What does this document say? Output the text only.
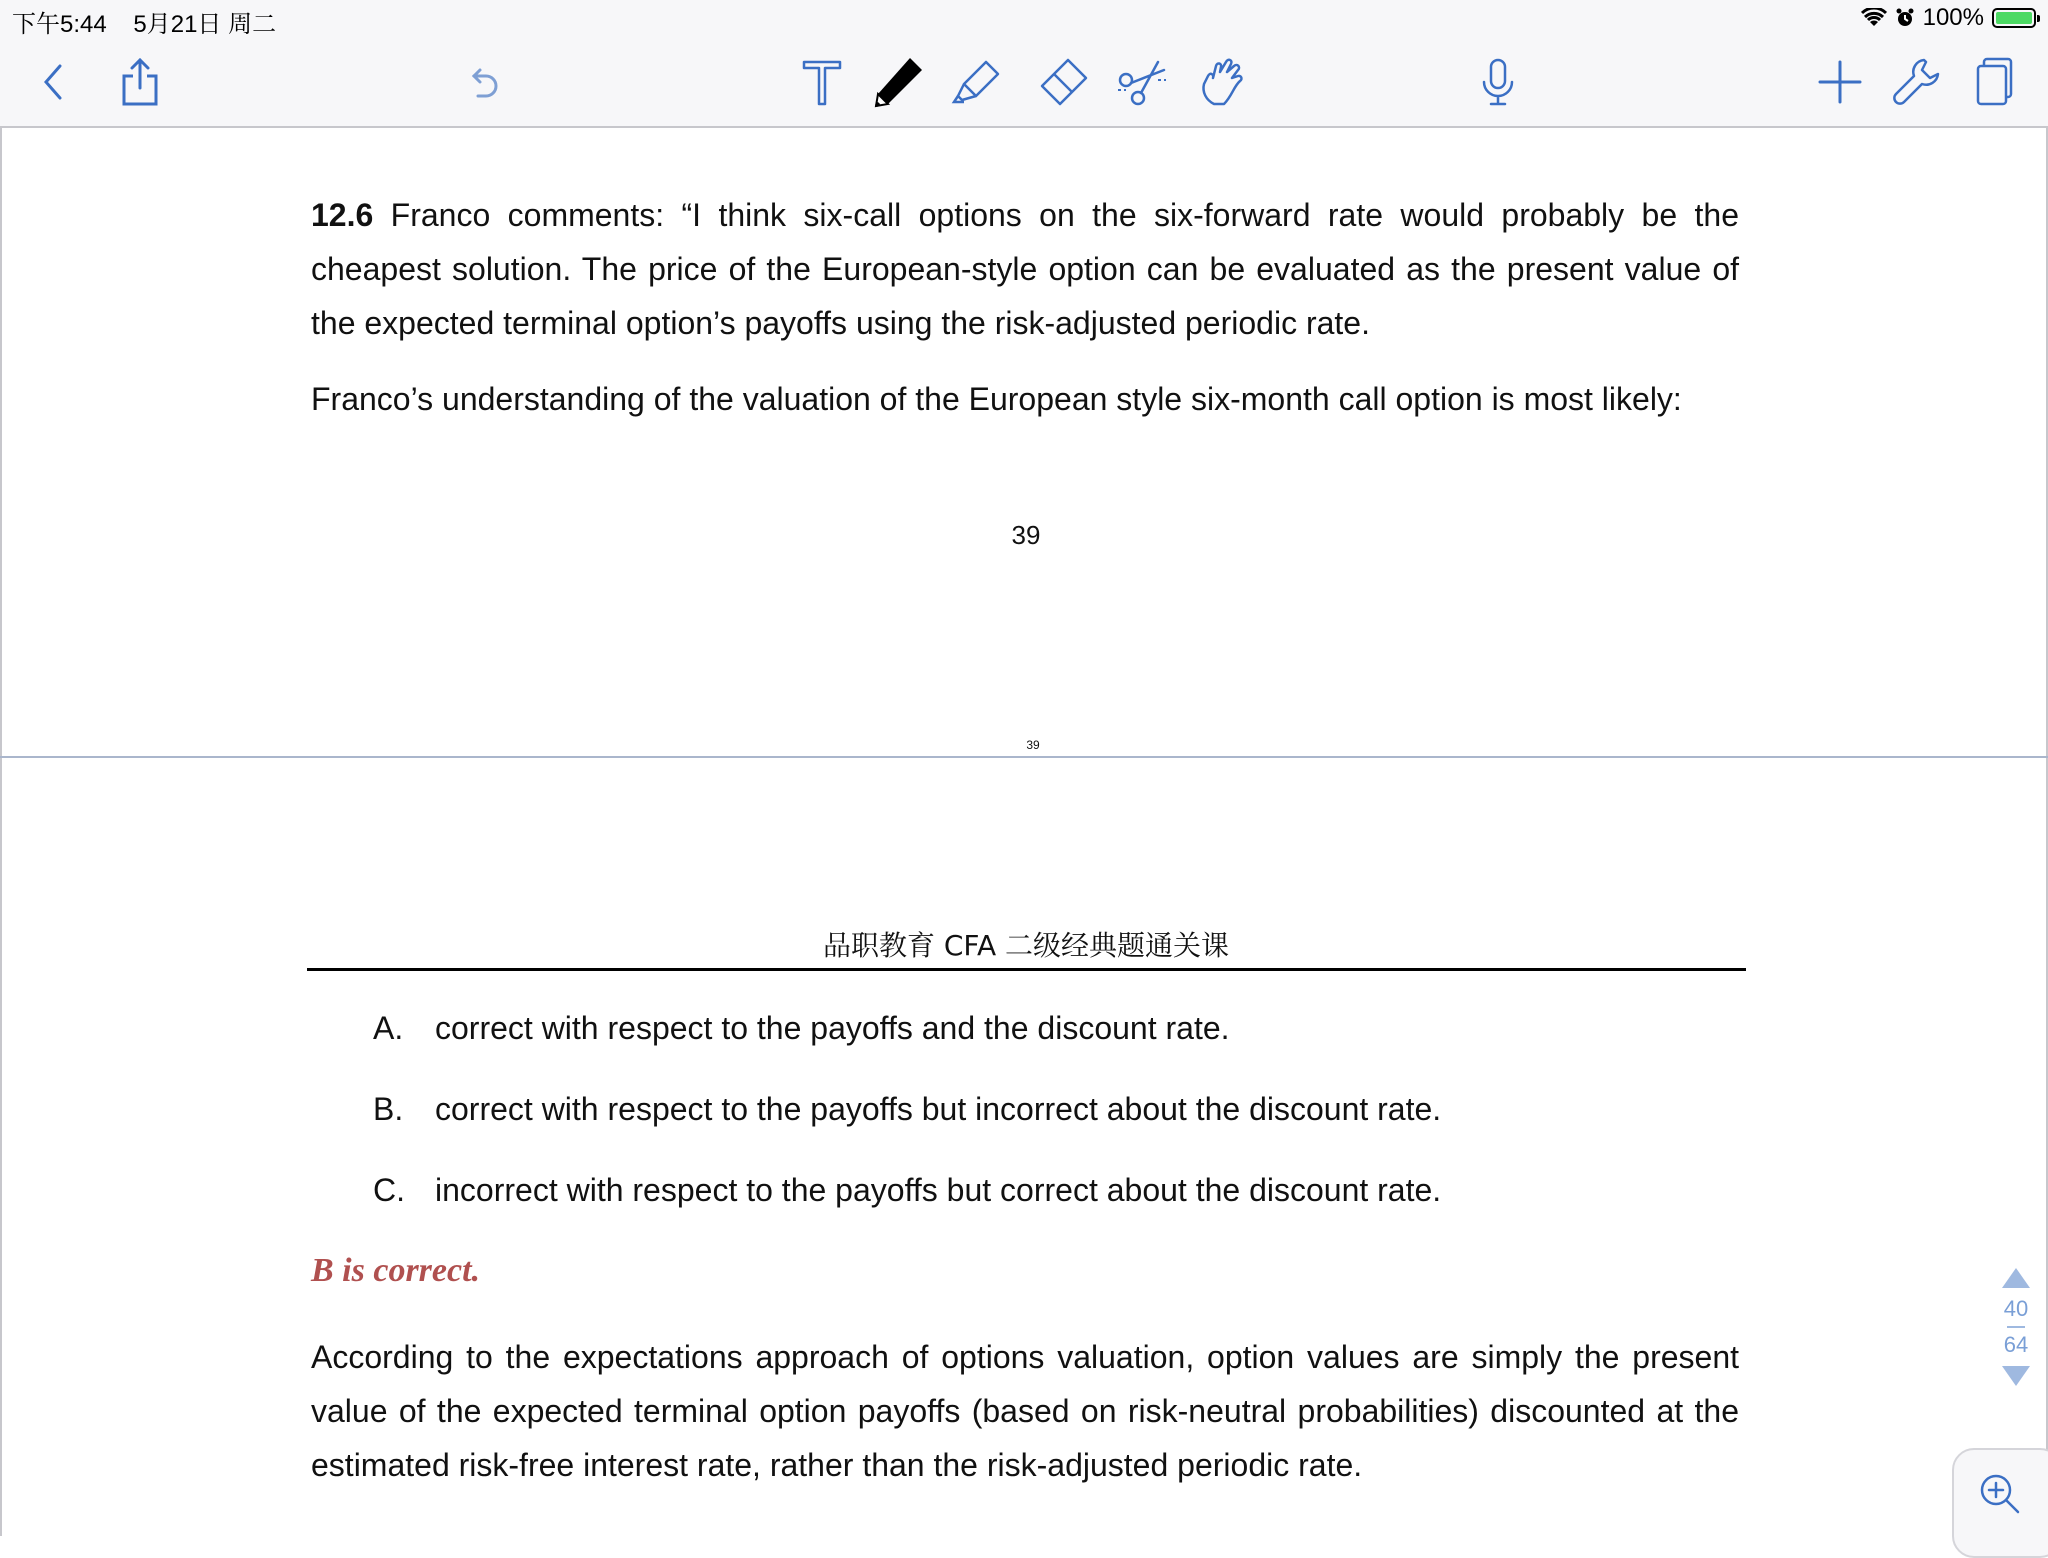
下午5:44 5月21日 周二	100%
12.6 Franco comments: “I think six-call options on the six-forward rate would probably be the cheapest solution. The price of the European-style option can be evaluated as the present value of the expected terminal option’s payoffs using the risk-adjusted periodic rate.
Franco’s understanding of the valuation of the European style six-month call option is most likely:
39
39
品职教育 CFA 二级经典题通关课
A. correct with respect to the payoffs and the discount rate.
B. correct with respect to the payoffs but incorrect about the discount rate.
C. incorrect with respect to the payoffs but correct about the discount rate.
B is correct.
According to the expectations approach of options valuation, option values are simply the present value of the expected terminal option payoffs (based on risk-neutral probabilities) discounted at the estimated risk-free interest rate, rather than the risk-adjusted periodic rate.
40
64
